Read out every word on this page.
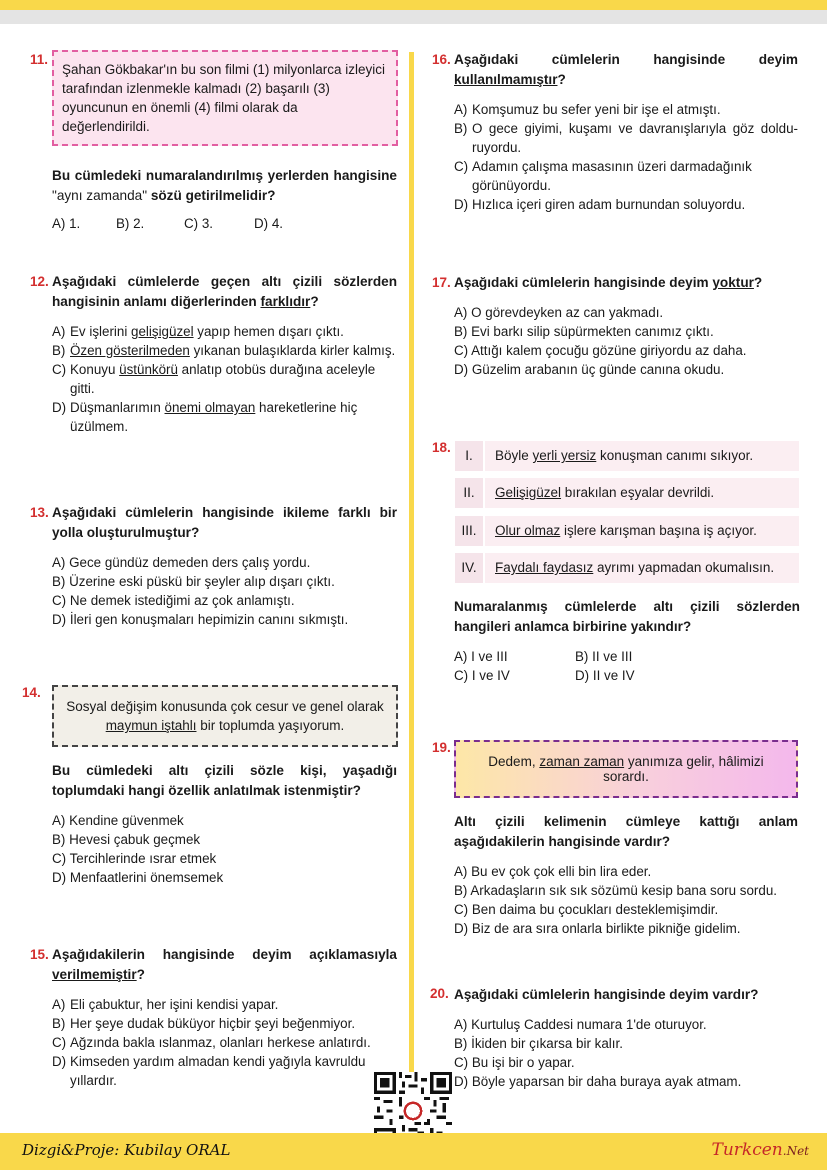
11.
Şahan Gökbakar'ın bu son filmi (1) milyonlarca izleyici tarafından izlenmekle kalmadı (2) başarılı (3) oyuncunun en önemli (4) filmi olarak da değerlendirildi.
Bu cümledeki numaralandırılmış yerlerden hangisine "aynı zamanda" sözü getirilmelidir?
A) 1.	B) 2.	C) 3.	D) 4.
12. Aşağıdaki cümlelerde geçen altı çizili sözlerden hangisinin anlamı diğerlerinden farklıdır?
A) Ev işlerini gelişigüzel yapıp hemen dışarı çıktı.
B) Özen gösterilmeden yıkanan bulaşıklarda kirler kalmış.
C) Konuyu üstünkörü anlatıp otobüs durağına aceleyle gitti.
D) Düşmanlarımın önemi olmayan hareketlerine hiç üzülmem.
13. Aşağıdaki cümlelerin hangisinde ikileme farklı bir yolla oluşturulmuştur?
A) Gece gündüz demeden ders çalış yordu.
B) Üzerine eski püskü bir şeyler alıp dışarı çıktı.
C) Ne demek istediğimi az çok anlamıştı.
D) İleri gen konuşmaları hepimizin canını sıkmıştı.
14.
Sosyal değişim konusunda çok cesur ve genel olarak maymun iştahlı bir toplumda yaşıyorum.
Bu cümledeki altı çizili sözle kişi, yaşadığı toplumdaki hangi özellik anlatılmak istenmiştir?
A) Kendine güvenmek
B) Hevesi çabuk geçmek
C) Tercihlerinde ısrar etmek
D) Menfaatlerini önemsemek
15. Aşağıdakilerin hangisinde deyim açıklamasıyla verilmemiştir?
A) Eli çabuktur, her işini kendisi yapar.
B) Her şeye dudak büküyor hiçbir şeyi beğenmiyor.
C) Ağzında bakla ıslanmaz, olanları herkese anlatırdı.
D) Kimseden yardım almadan kendi yağıyla kavruldu yıllardır.
16. Aşağıdaki cümlelerin hangisinde deyim kullanılmamıştır?
A) Komşumuz bu sefer yeni bir işe el atmıştı.
B) O gece giyimi, kuşamı ve davranışlarıyla göz doldu-ruyordu.
C) Adamın çalışma masasının üzeri darmadağınık görünüyordu.
D) Hızlıca içeri giren adam burnundan soluyordu.
17. Aşağıdaki cümlelerin hangisinde deyim yoktur?
A) O görevdeyken az can yakmadı.
B) Evi barkı silip süpürmekten canımız çıktı.
C) Attığı kalem çocuğu gözüne giriyordu az daha.
D) Güzelim arabanın üç günde canına okudu.
18.
I.	Böyle yerli yersiz konuşman canımı sıkıyor.
II.	Gelişigüzel bırakılan eşyalar devrildi.
III.	Olur olmaz işlere karışman başına iş açıyor.
IV.	Faydalı faydasız ayrımı yapmadan okumalısın.
Numaralanmış cümlelerde altı çizili sözlerden hangileri anlamca birbirine yakındır?
A) I ve III	B) II ve III
C) I ve IV	D) II ve IV
19.
Dedem, zaman zaman yanımıza gelir, hâlimizi sorardı.
Altı çizili kelimenin cümleye kattığı anlam aşağıdakilerin hangisinde vardır?
A) Bu ev çok çok elli bin lira eder.
B) Arkadaşların sık sık sözümü kesip bana soru sordu.
C) Ben daima bu çocukları desteklemişimdir.
D) Biz de ara sıra onlarla birlikte pikniğe gidelim.
20. Aşağıdaki cümlelerin hangisinde deyim vardır?
A) Kurtuluş Caddesi numara 1'de oturuyor.
B) İkiden bir çıkarsa bir kalır.
C) Bu işi bir o yapar.
D) Böyle yaparsan bir daha buraya ayak atmam.
Dizgi&Proje: Kubilay ORAL	Turkcen.Net
